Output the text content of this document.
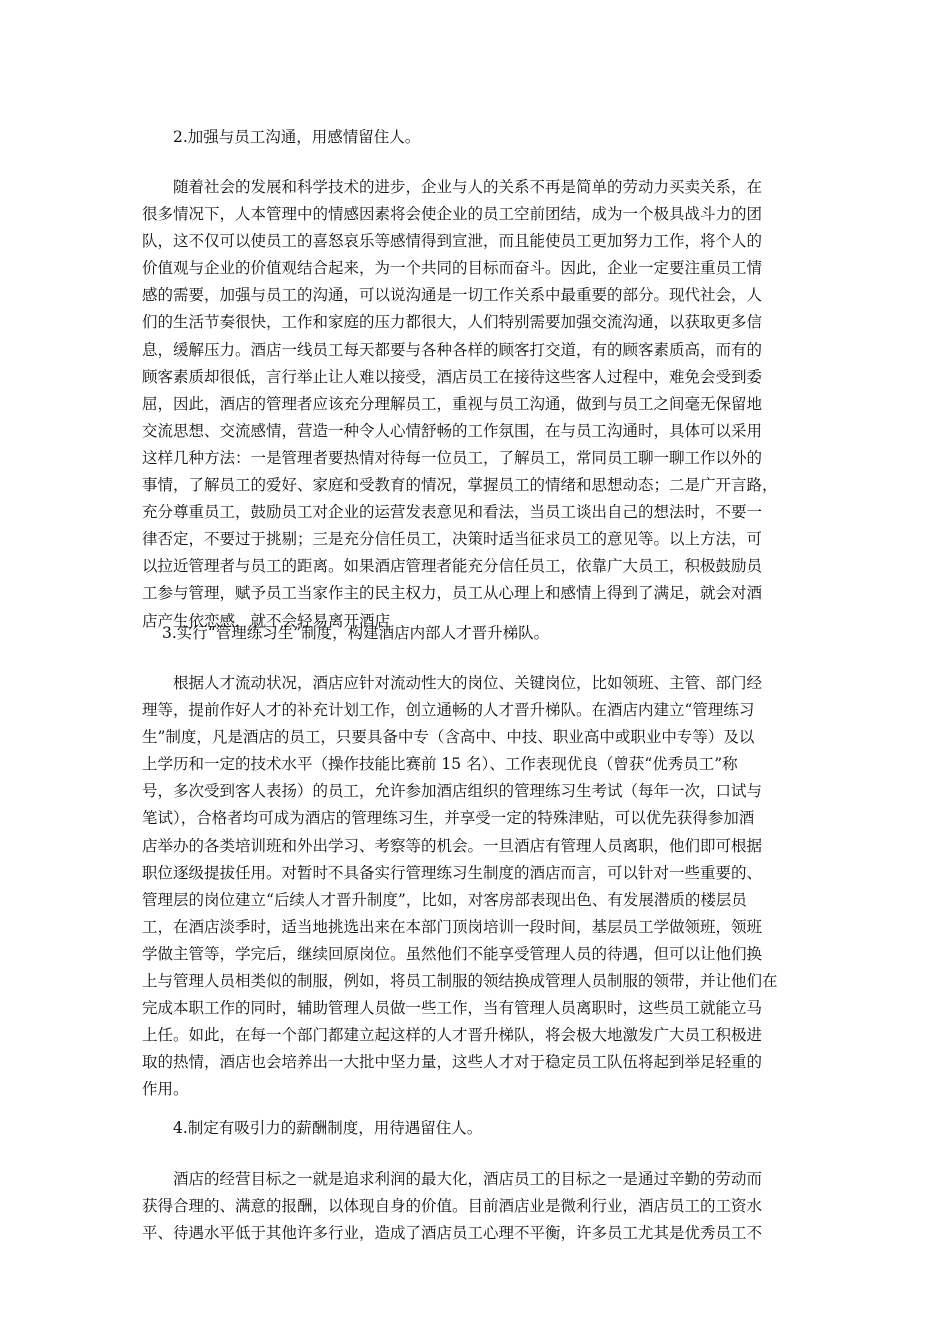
2.加强与员工沟通，用感情留住人。

随着社会的发展和科学技术的进步，企业与人的关系不再是简单的劳动力买卖关系，在
很多情况下，人本管理中的情感因素将会使企业的员工空前团结，成为一个极具战斗力的团
队，这不仅可以使员工的喜怒哀乐等感情得到宣泄，而且能使员工更加努力工作，将个人的
价值观与企业的价值观结合起来，为一个共同的目标而奋斗。因此，企业一定要注重员工情
感的需要，加强与员工的沟通，可以说沟通是一切工作关系中最重要的部分。现代社会，人
们的生活节奏很快，工作和家庭的压力都很大，人们特别需要加强交流沟通，以获取更多信
息，缓解压力。酒店一线员工每天都要与各种各样的顾客打交道，有的顾客素质高，而有的
顾客素质却很低，言行举止让人难以接受，酒店员工在接待这些客人过程中，难免会受到委
屈，因此，酒店的管理者应该充分理解员工，重视与员工沟通，做到与员工之间毫无保留地
交流思想、交流感情，营造一种令人心情舒畅的工作氛围，在与员工沟通时，具体可以采用
这样几种方法：一是管理者要热情对待每一位员工，了解员工，常同员工聊一聊工作以外的
事情，了解员工的爱好、家庭和受教育的情况，掌握员工的情绪和思想动态；二是广开言路，
充分尊重员工，鼓励员工对企业的运营发表意见和看法，当员工谈出自己的想法时，不要一
律否定，不要过于挑剔；三是充分信任员工，决策时适当征求员工的意见等。以上方法，可
以拉近管理者与员工的距离。如果酒店管理者能充分信任员工，依靠广大员工，积极鼓励员
工参与管理，赋予员工当家作主的民主权力，员工从心理上和感情上得到了满足，就会对酒
店产生依恋感，就不会轻易离开酒店

3.实行“管理练习生”制度，构建酒店内部人才晋升梯队。

根据人才流动状况，酒店应针对流动性大的岗位、关键岗位，比如领班、主管、部门经
理等，提前作好人才的补充计划工作，创立通畅的人才晋升梯队。在酒店内建立“管理练习
生”制度，凡是酒店的员工，只要具备中专（含高中、中技、职业高中或职业中专等）及以
上学历和一定的技术水平（操作技能比赛前 15 名）、工作表现优良（曾获“优秀员工”称
号，多次受到客人表扬）的员工，允许参加酒店组织的管理练习生考试（每年一次，口试与
笔试），合格者均可成为酒店的管理练习生，并享受一定的特殊津贴，可以优先获得参加酒
店举办的各类培训班和外出学习、考察等的机会。一旦酒店有管理人员离职，他们即可根据
职位逐级提拔任用。对暂时不具备实行管理练习生制度的酒店而言，可以针对一些重要的、
管理层的岗位建立“后续人才晋升制度”，比如，对客房部表现出色、有发展潜质的楼层员
工，在酒店淡季时，适当地挑选出来在本部门顶岗培训一段时间，基层员工学做领班，领班
学做主管等，学完后，继续回原岗位。虽然他们不能享受管理人员的待遇，但可以让他们换
上与管理人员相类似的制服，例如，将员工制服的领结换成管理人员制服的领带，并让他们在
完成本职工作的同时，辅助管理人员做一些工作，当有管理人员离职时，这些员工就能立马
上任。如此，在每一个部门都建立起这样的人才晋升梯队，将会极大地激发广大员工积极进
取的热情，酒店也会培养出一大批中坚力量，这些人才对于稳定员工队伍将起到举足轻重的
作用。

4.制定有吸引力的薪酬制度，用待遇留住人。

酒店的经营目标之一就是追求利润的最大化，酒店员工的目标之一是通过辛勤的劳动而
获得合理的、满意的报酬，以体现自身的价值。目前酒店业是微利行业，酒店员工的工资水
平、待遇水平低于其他许多行业，造成了酒店员工心理不平衡，许多员工尤其是优秀员工不
